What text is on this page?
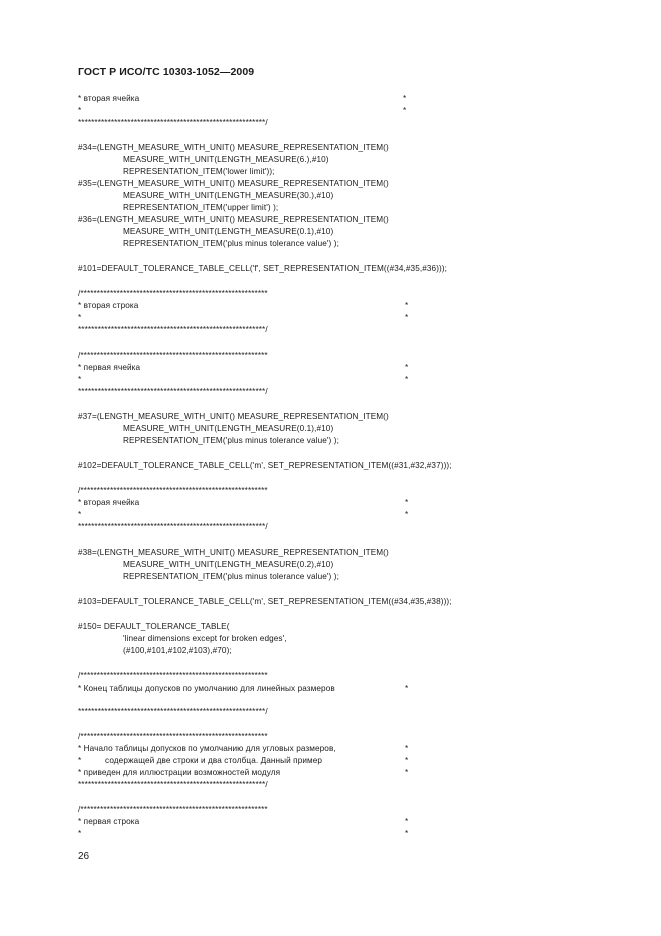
ГОСТ Р ИСО/ТС 10303-1052—2009
* вторая ячейка	*
*	*
*********************************************************/
#34=(LENGTH_MEASURE_WITH_UNIT() MEASURE_REPRESENTATION_ITEM()
MEASURE_WITH_UNIT(LENGTH_MEASURE(6.),#10)
REPRESENTATION_ITEM('lower limit'));
#35=(LENGTH_MEASURE_WITH_UNIT() MEASURE_REPRESENTATION_ITEM()
MEASURE_WITH_UNIT(LENGTH_MEASURE(30.),#10)
REPRESENTATION_ITEM('upper limit') );
#36=(LENGTH_MEASURE_WITH_UNIT() MEASURE_REPRESENTATION_ITEM()
MEASURE_WITH_UNIT(LENGTH_MEASURE(0.1),#10)
REPRESENTATION_ITEM('plus minus tolerance value') );
#101=DEFAULT_TOLERANCE_TABLE_CELL('f', SET_REPRESENTATION_ITEM((#34,#35,#36)));
/*********************************************************
* вторая строка	*
*	*
*********************************************************/
/*********************************************************
* первая ячейка	*
*	*
*********************************************************/
#37=(LENGTH_MEASURE_WITH_UNIT() MEASURE_REPRESENTATION_ITEM()
MEASURE_WITH_UNIT(LENGTH_MEASURE(0.1),#10)
REPRESENTATION_ITEM('plus minus tolerance value') );
#102=DEFAULT_TOLERANCE_TABLE_CELL('m', SET_REPRESENTATION_ITEM((#31,#32,#37)));
/*********************************************************
* вторая ячейка	*
*	*
*********************************************************/
#38=(LENGTH_MEASURE_WITH_UNIT() MEASURE_REPRESENTATION_ITEM()
MEASURE_WITH_UNIT(LENGTH_MEASURE(0.2),#10)
REPRESENTATION_ITEM('plus minus tolerance value') );
#103=DEFAULT_TOLERANCE_TABLE_CELL('m', SET_REPRESENTATION_ITEM((#34,#35,#38)));
#150= DEFAULT_TOLERANCE_TABLE(
'linear dimensions except for broken edges',
(#100,#101,#102,#103),#70);
/*********************************************************
* Конец таблицы допусков по умолчанию для линейных размеров	*
*********************************************************/
/*********************************************************
* Начало таблицы допусков по умолчанию для угловых размеров,	*
*          содержащей две строки и два столбца. Данный пример	*
* приведен для иллюстрации возможностей модуля	*
*********************************************************/
/*********************************************************
* первая строка	*
*	*
26
